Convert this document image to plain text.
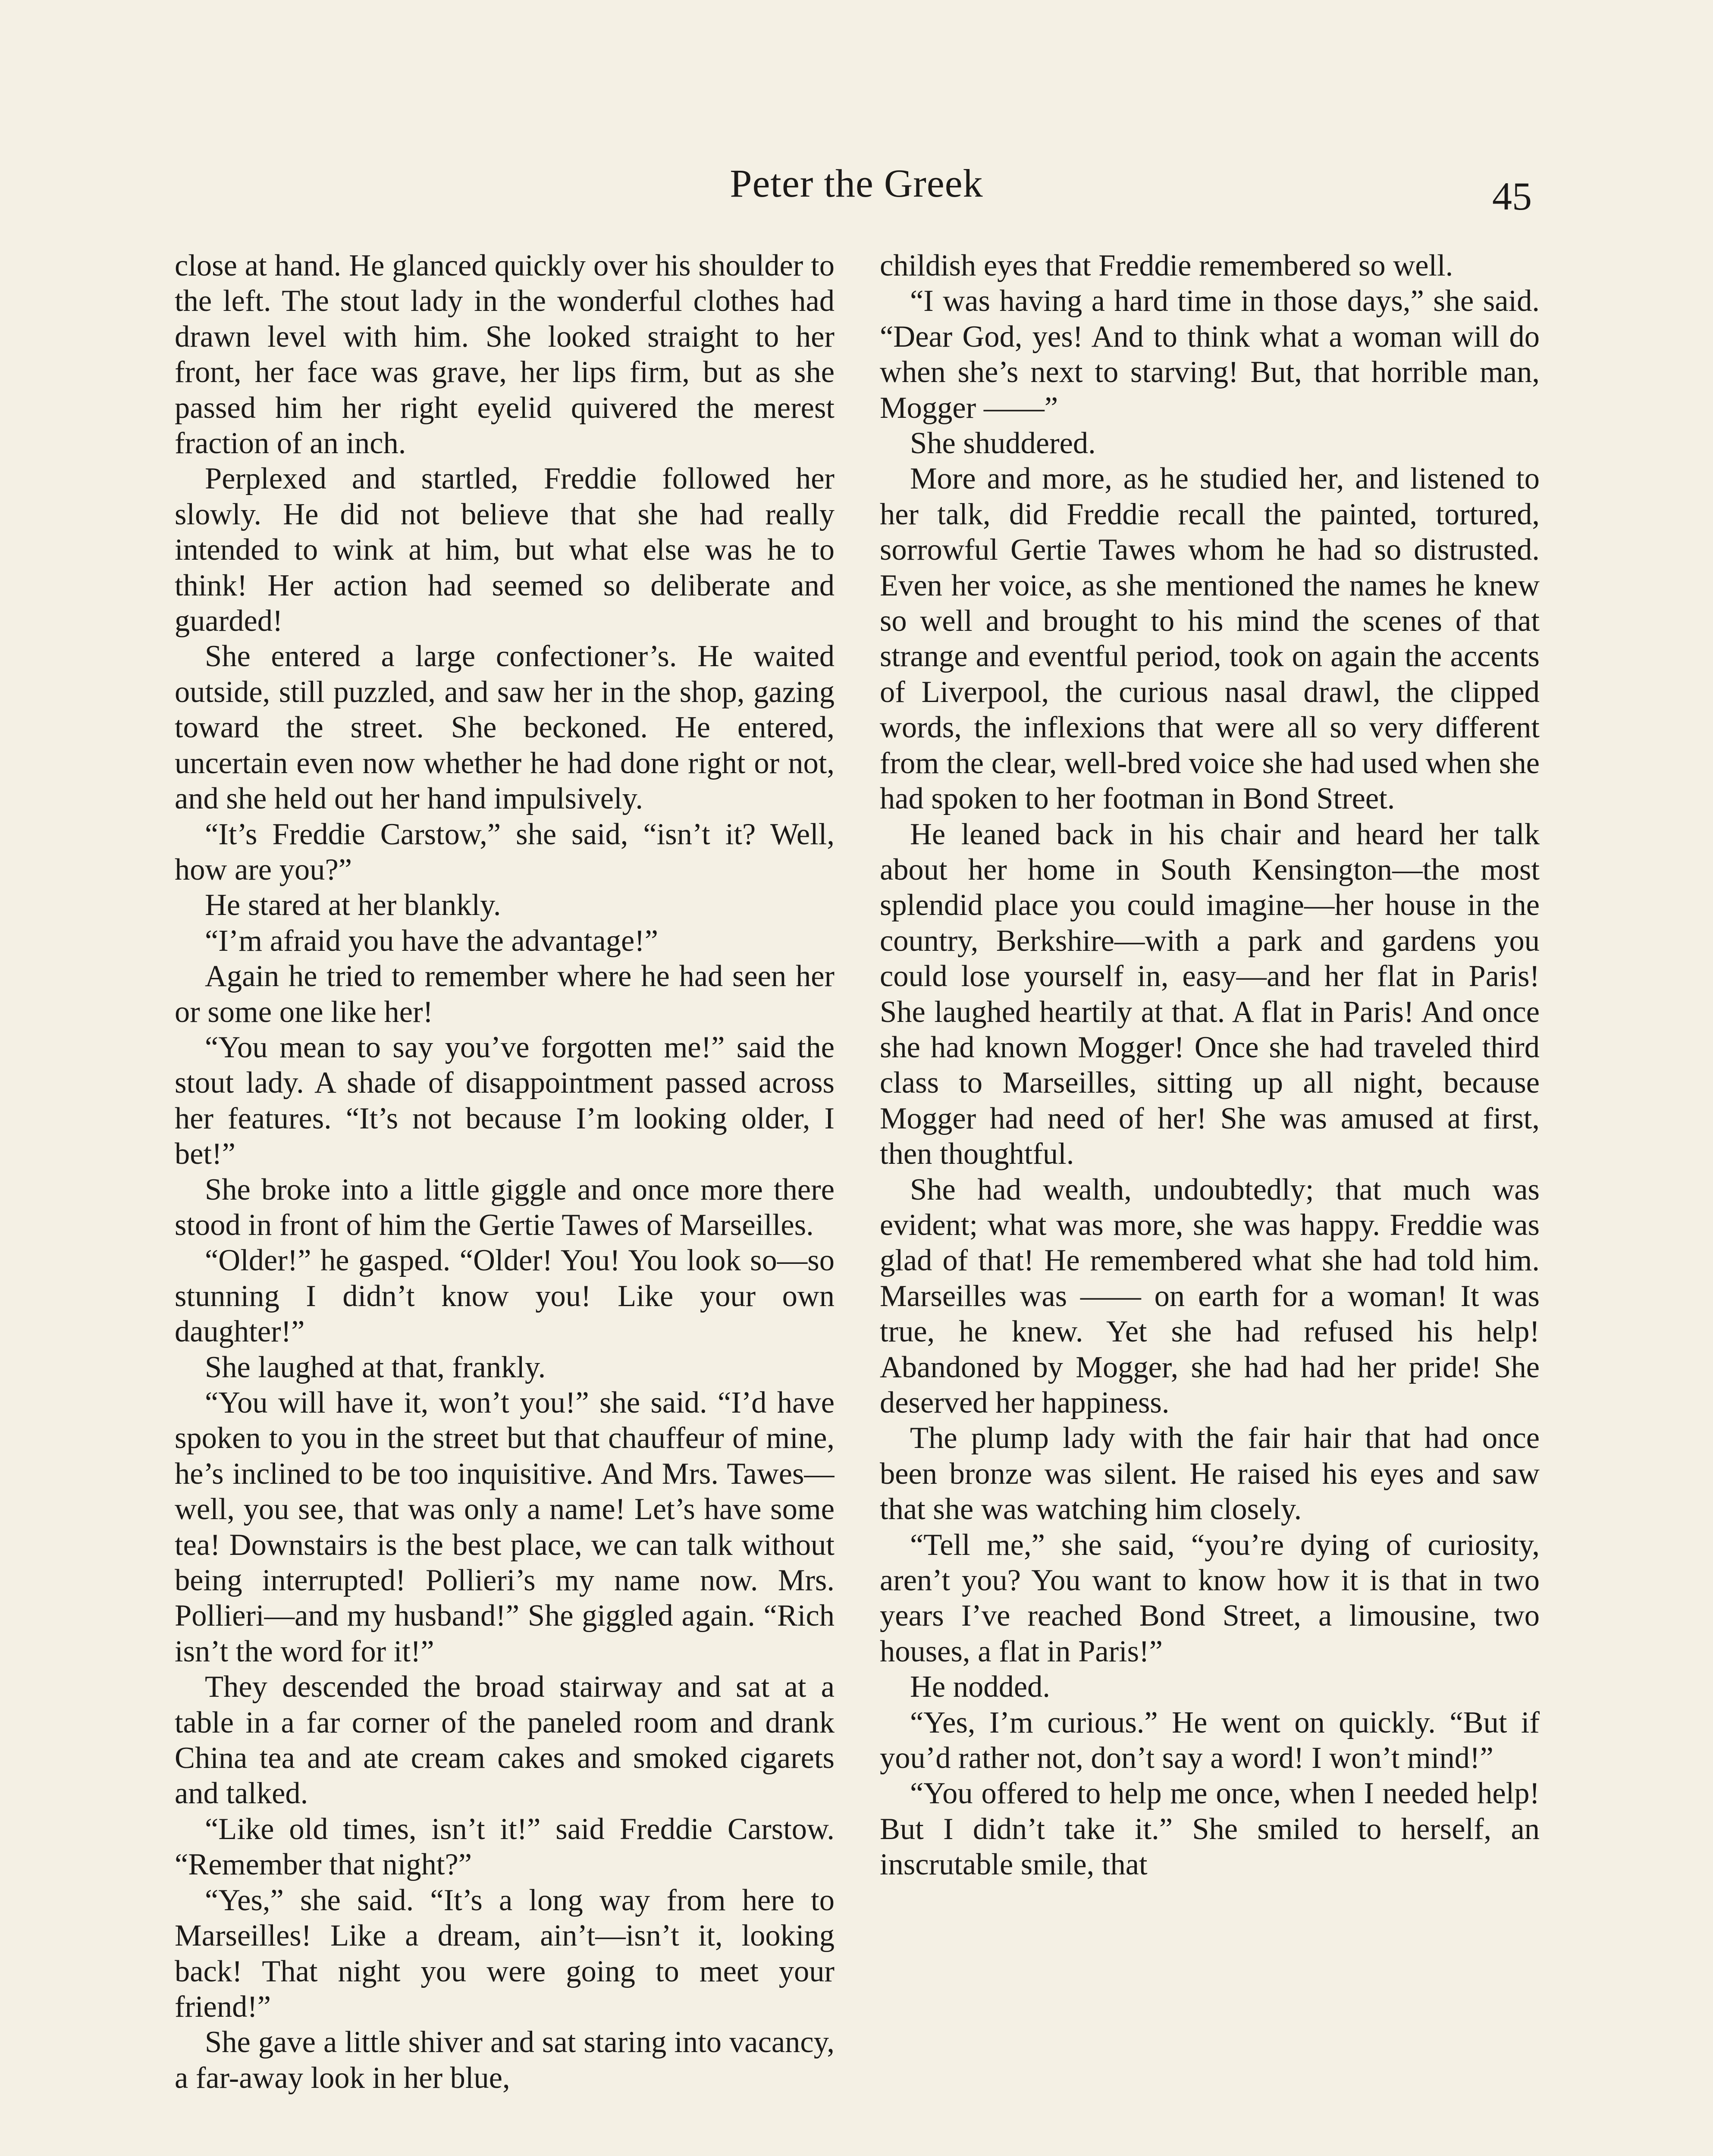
Peter the Greek	45

close at hand. He glanced quickly over his shoulder to the left. The stout lady in the wonderful clothes had drawn level with him. She looked straight to her front, her face was grave, her lips firm, but as she passed him her right eyelid quivered the merest fraction of an inch.

Perplexed and startled, Freddie followed her slowly. He did not believe that she had really intended to wink at him, but what else was he to think! Her action had seemed so deliberate and guarded!

She entered a large confectioner’s. He waited outside, still puzzled, and saw her in the shop, gazing toward the street. She beckoned. He entered, uncertain even now whether he had done right or not, and she held out her hand impulsively.

“It’s Freddie Carstow,” she said, “isn’t it? Well, how are you?”

He stared at her blankly.

“I’m afraid you have the advantage!”

Again he tried to remember where he had seen her or some one like her!

“You mean to say you’ve forgotten me!” said the stout lady. A shade of disappointment passed across her features. “It’s not because I’m looking older, I bet!”

She broke into a little giggle and once more there stood in front of him the Gertie Tawes of Marseilles.

“Older!” he gasped. “Older! You! You look so—so stunning I didn’t know you! Like your own daughter!”

She laughed at that, frankly.

“You will have it, won’t you!” she said. “I’d have spoken to you in the street but that chauffeur of mine, he’s inclined to be too inquisitive. And Mrs. Tawes—well, you see, that was only a name! Let’s have some tea! Downstairs is the best place, we can talk without being interrupted! Pollieri’s my name now. Mrs. Pollieri—and my husband!” She giggled again. “Rich isn’t the word for it!”

They descended the broad stairway and sat at a table in a far corner of the paneled room and drank China tea and ate cream cakes and smoked cigarets and talked.

“Like old times, isn’t it!” said Freddie Carstow. “Remember that night?”

“Yes,” she said. “It’s a long way from here to Marseilles! Like a dream, ain’t—isn’t it, looking back! That night you were going to meet your friend!”

She gave a little shiver and sat staring into vacancy, a far-away look in her blue,

childish eyes that Freddie remembered so well.

“I was having a hard time in those days,” she said. “Dear God, yes! And to think what a woman will do when she’s next to starving! But, that horrible man, Mogger ——”

She shuddered.

More and more, as he studied her, and listened to her talk, did Freddie recall the painted, tortured, sorrowful Gertie Tawes whom he had so distrusted. Even her voice, as she mentioned the names he knew so well and brought to his mind the scenes of that strange and eventful period, took on again the accents of Liverpool, the curious nasal drawl, the clipped words, the inflexions that were all so very different from the clear, well-bred voice she had used when she had spoken to her footman in Bond Street.

He leaned back in his chair and heard her talk about her home in South Kensington—the most splendid place you could imagine—her house in the country, Berkshire—with a park and gardens you could lose yourself in, easy—and her flat in Paris! She laughed heartily at that. A flat in Paris! And once she had known Mogger! Once she had traveled third class to Marseilles, sitting up all night, because Mogger had need of her! She was amused at first, then thoughtful.

She had wealth, undoubtedly; that much was evident; what was more, she was happy. Freddie was glad of that! He remembered what she had told him. Marseilles was —— on earth for a woman! It was true, he knew. Yet she had refused his help! Abandoned by Mogger, she had had her pride! She deserved her happiness.

The plump lady with the fair hair that had once been bronze was silent. He raised his eyes and saw that she was watching him closely.

“Tell me,” she said, “you’re dying of curiosity, aren’t you? You want to know how it is that in two years I’ve reached Bond Street, a limousine, two houses, a flat in Paris!”

He nodded.

“Yes, I’m curious.” He went on quickly. “But if you’d rather not, don’t say a word! I won’t mind!”

“You offered to help me once, when I needed help! But I didn’t take it.” She smiled to herself, an inscrutable smile, that
